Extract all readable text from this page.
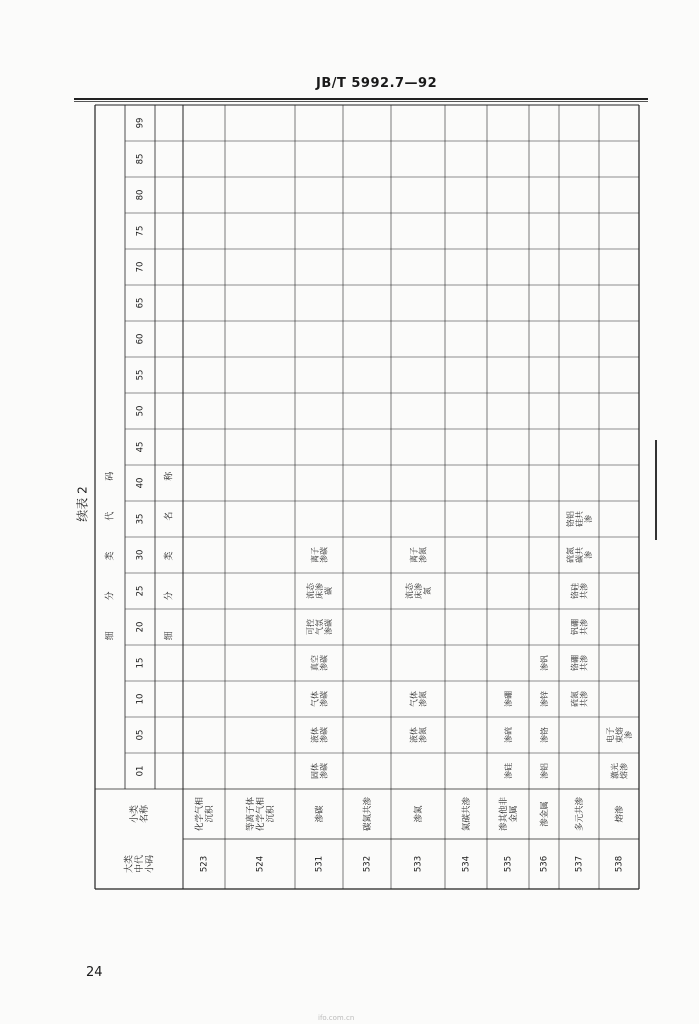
JB/T 5992.7—92
续表 2
大类中代小码
小类名称
细 分 类 代 码	细 分 类 名 称
01
05
10
15
20
25
30
35
40
45
50
55
60
65
70
75
80
85
99
523
化学气相沉积
524
等离子体化学气相沉积
531
渗碳
固体渗碳
液体渗碳
气体渗碳
真空渗碳
可控气氛渗碳
流态床渗碳
离子渗碳
532
碳氮共渗
533
渗氮
液体渗氮
气体渗氮
流态床渗氮
离子渗氮
534
氮碳共渗
535
渗其他非金属
渗硅
渗硫
渗硼
536
渗金属
渗铝
渗铬
渗锌
渗钒
537
多元共渗
硫氮共渗
铬硼共渗
钒硼共渗
铬硅共渗
硫氮碳共渗
铬铝硅共渗
538
熔渗
激光熔渗
电子束熔渗
24
ifo.com.cn
